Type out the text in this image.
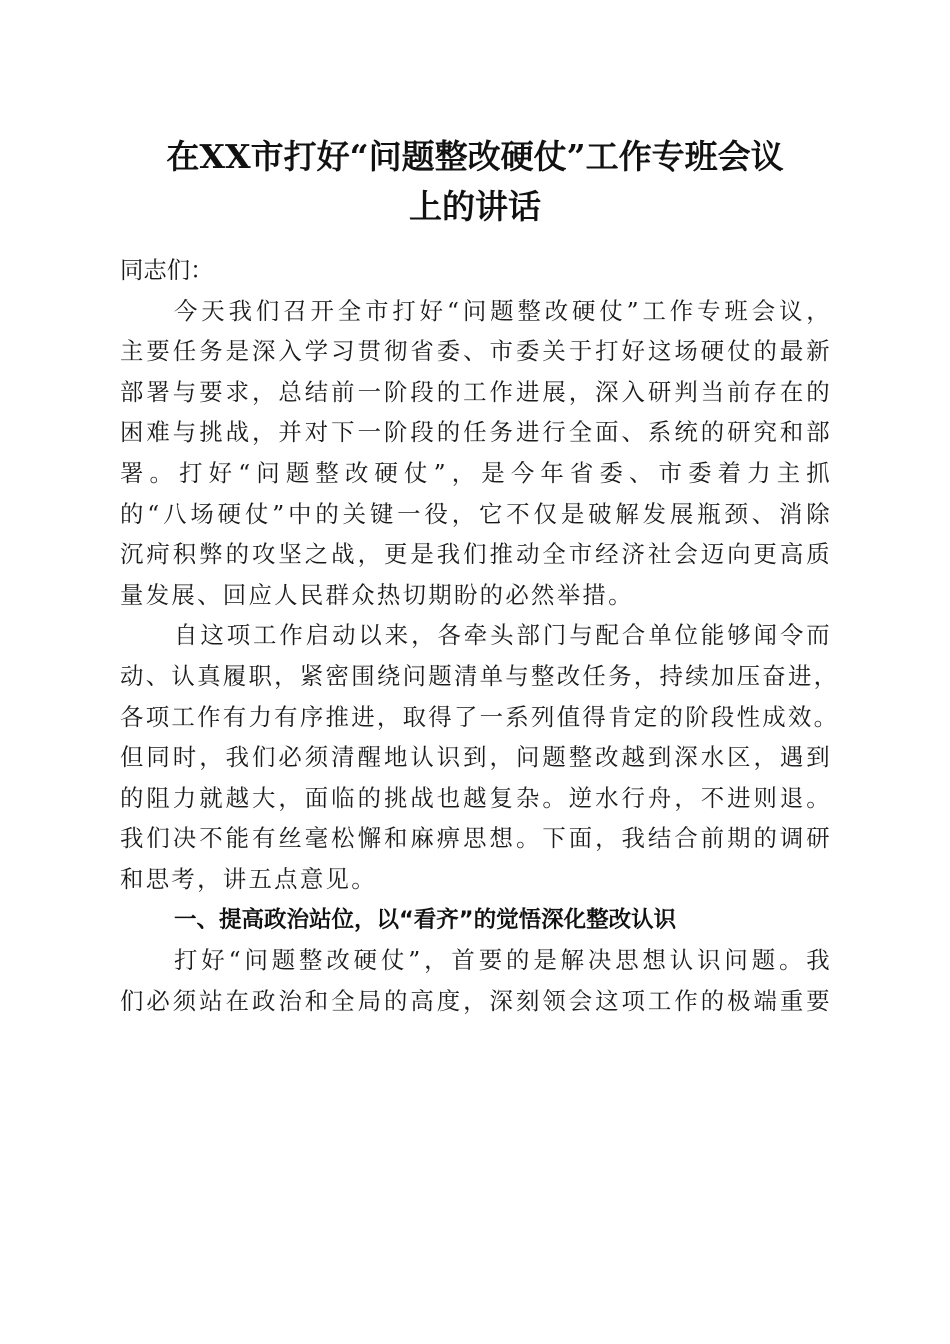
在XX市打好“问题整改硬仗”工作专班会议
上的讲话
同志们：
今天我们召开全市打好“问题整改硬仗”工作专班会议，
主要任务是深入学习贯彻省委、市委关于打好这场硬仗的最新
部署与要求，总结前一阶段的工作进展，深入研判当前存在的
困难与挑战，并对下一阶段的任务进行全面、系统的研究和部
署。打好“问题整改硬仗”，是今年省委、市委着力主抓
的“八场硬仗”中的关键一役，它不仅是破解发展瓶颈、消除
沉疴积弊的攻坚之战，更是我们推动全市经济社会迈向更高质
量发展、回应人民群众热切期盼的必然举措。
自这项工作启动以来，各牵头部门与配合单位能够闻令而
动、认真履职，紧密围绕问题清单与整改任务，持续加压奋进，
各项工作有力有序推进，取得了一系列值得肯定的阶段性成效。
但同时，我们必须清醒地认识到，问题整改越到深水区，遇到
的阻力就越大，面临的挑战也越复杂。逆水行舟，不进则退。
我们决不能有丝毫松懈和麻痹思想。下面，我结合前期的调研
和思考，讲五点意见。
一、提高政治站位，以“看齐”的觉悟深化整改认识
打好“问题整改硬仗”，首要的是解决思想认识问题。我
们必须站在政治和全局的高度，深刻领会这项工作的极端重要
